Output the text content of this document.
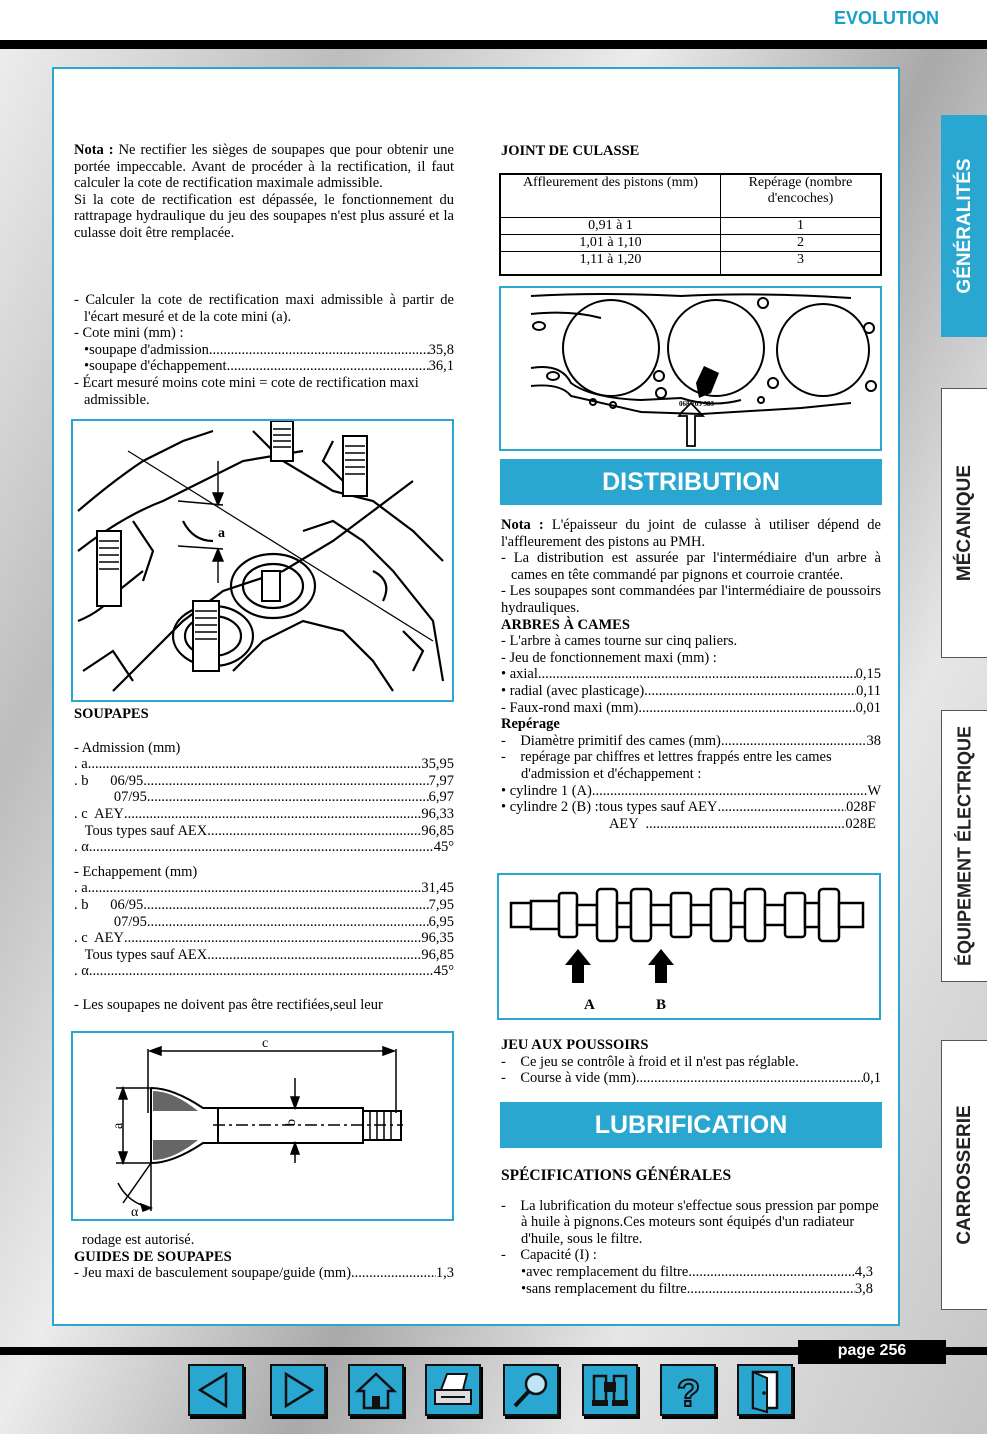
EVOLUTION
GÉNÉRALITÉS
MÉCANIQUE
ÉQUIPEMENT ÉLECTRIQUE
CARROSSERIE

Nota : Ne rectifier les sièges de soupapes que pour obtenir une portée impeccable. Avant de procéder à la rectification, il faut calculer la cote de rectification maximale admissible.

Si la cote de rectification est dépassée, le fonctionnement du rattrapage hydraulique du jeu des soupapes n'est plus assuré et la culasse doit être remplacée.

- Calculer la cote de rectification maxi admissible à partir de l'écart mesuré et de la cote mini (a).

- Cote mini (mm) :

•soupape d'admission .....	35,8
•soupape d'échappement .....	36,1

- Écart mesuré moins cote mini = cote de rectification maxi admissible.

a

SOUPAPES

- Admission (mm)

. a .....	35,95
. b      06/95 .....	7,97
07/95 .....	6,97
. c  AEY .....	96,33
Tous types sauf AEX .....	96,85
. α .....	45°

- Echappement (mm)

. a .....	31,45
. b      06/95 .....	7,95
07/95 .....	6,95
. c  AEY .....	96,35
Tous types sauf AEX .....	96,85
. α .....	45°

- Les soupapes ne doivent pas être rectifiées,seul leur

c
a	b
α

rodage est autorisé.

GUIDES DE SOUPAPES

- Jeu maxi de basculement soupape/guide (mm) .....	1,3

JOINT DE CULASSE

Affleurement des pistons (mm)	Repérage (nombre d'encoches)
0,91 à 1	1
1,01 à 1,10	2
1,11 à 1,20	3
068 103 383
DISTRIBUTION

Nota : L'épaisseur du joint de culasse à utiliser dépend de l'affleurement des pistons au PMH.

- La distribution est assurée par l'intermédiaire d'un arbre à cames en tête commandé par pignons et courroie crantée.

- Les soupapes sont commandées par l'intermédiaire de poussoirs hydrauliques.

ARBRES À CAMES

- L'arbre à cames tourne sur cinq paliers.

- Jeu de fonctionnement maxi (mm) :

• axial .....	0,15
• radial (avec plasticage) .....	0,11
- Faux-rond maxi (mm) .....	0,01

Repérage

-    Diamètre primitif des cames (mm) .....	38

-    repérage par chiffres et lettres frappés entre les cames d'admission et d'échappement :

• cylindre 1 (A) .....	W
• cylindre 2 (B) :tous types sauf AEY .....	028F
AEY .....	028E
A	B

JEU AUX POUSSOIRS

-    Ce jeu se contrôle à froid et il n'est pas réglable.

-    Course à vide (mm) .....	0,1
LUBRIFICATION

SPÉCIFICATIONS GÉNÉRALES

-    La lubrification du moteur s'effectue sous pression par pompe à huile à pignons.Ces moteurs sont équipés d'un radiateur d'huile, sous le filtre.

-    Capacité (I) :

•avec remplacement du filtre .....	4,3
•sans remplacement du filtre .....	3,8
page 256
?
